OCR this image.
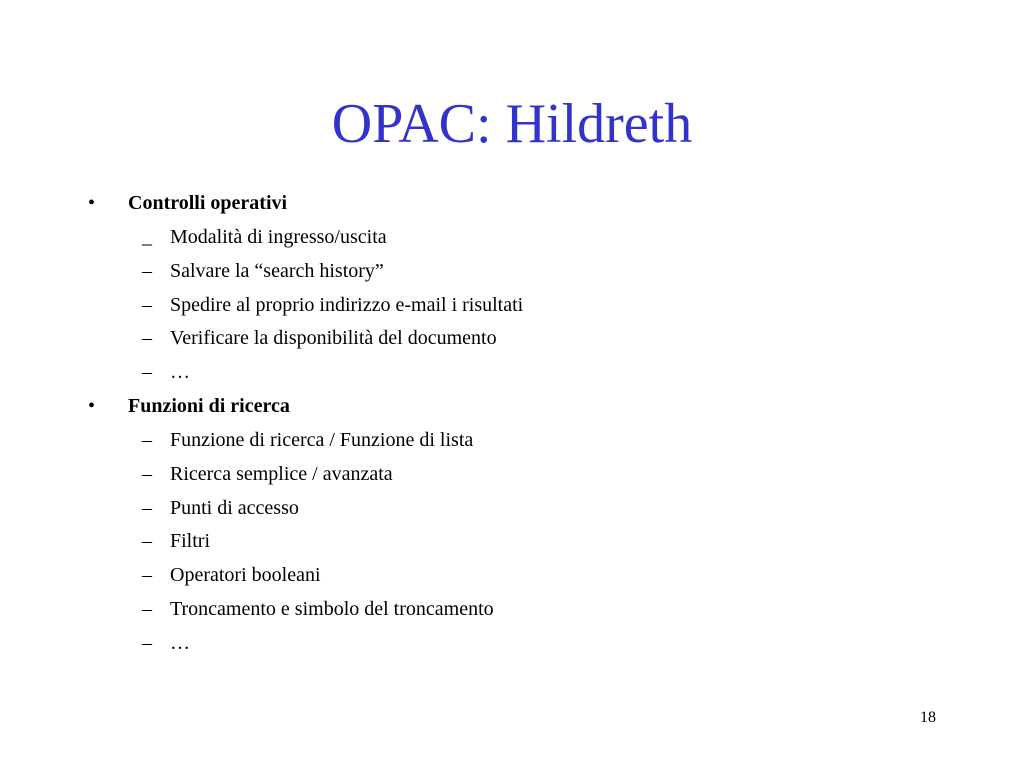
OPAC: Hildreth
•	Controlli operativi
_ Modalità di ingresso/uscita
– Salvare la “search history”
– Spedire al proprio indirizzo e-mail i risultati
– Verificare la disponibilità del documento
– …
•	Funzioni di ricerca
– Funzione di ricerca / Funzione di lista
– Ricerca semplice / avanzata
– Punti di accesso
– Filtri
– Operatori booleani
– Troncamento e simbolo del troncamento
– …
18
